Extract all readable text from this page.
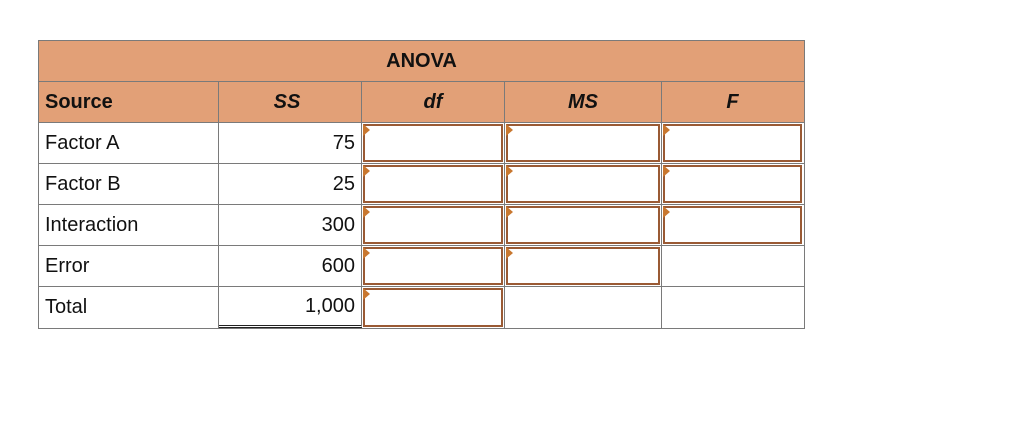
ANOVA
Source	SS	df	MS	F
Factor A	75
Factor B	25
Interaction	300
Error	600
Total	1,000
